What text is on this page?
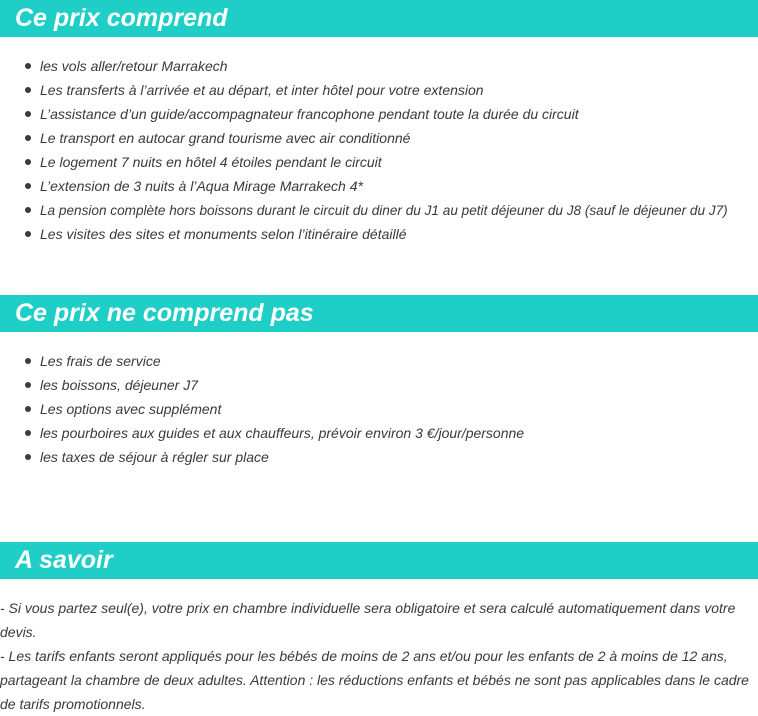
Ce prix comprend
les vols aller/retour Marrakech
Les transferts à l’arrivée et au départ, et inter hôtel pour votre extension
L’assistance d’un guide/accompagnateur francophone pendant toute la durée du circuit
Le transport en autocar grand tourisme avec air conditionné
Le logement 7 nuits en hôtel 4 étoiles pendant le circuit
L’extension de 3 nuits à l’Aqua Mirage Marrakech 4*
La pension complète hors boissons durant le circuit du diner du J1 au petit déjeuner du J8 (sauf le déjeuner du J7)
Les visites des sites et monuments selon l’itinéraire détaillé
Ce prix ne comprend pas
Les frais de service
les boissons, déjeuner J7
Les options avec supplément
les pourboires aux guides et aux chauffeurs, prévoir environ 3 €/jour/personne
les taxes de séjour à régler sur place
A savoir

- Si vous partez seul(e), votre prix en chambre individuelle sera obligatoire et sera calculé automatiquement dans votre devis.

- Les tarifs enfants seront appliqués pour les bébés de moins de 2 ans et/ou pour les enfants de 2 à moins de 12 ans, partageant la chambre de deux adultes. Attention : les réductions enfants et bébés ne sont pas applicables dans le cadre de tarifs promotionnels.
